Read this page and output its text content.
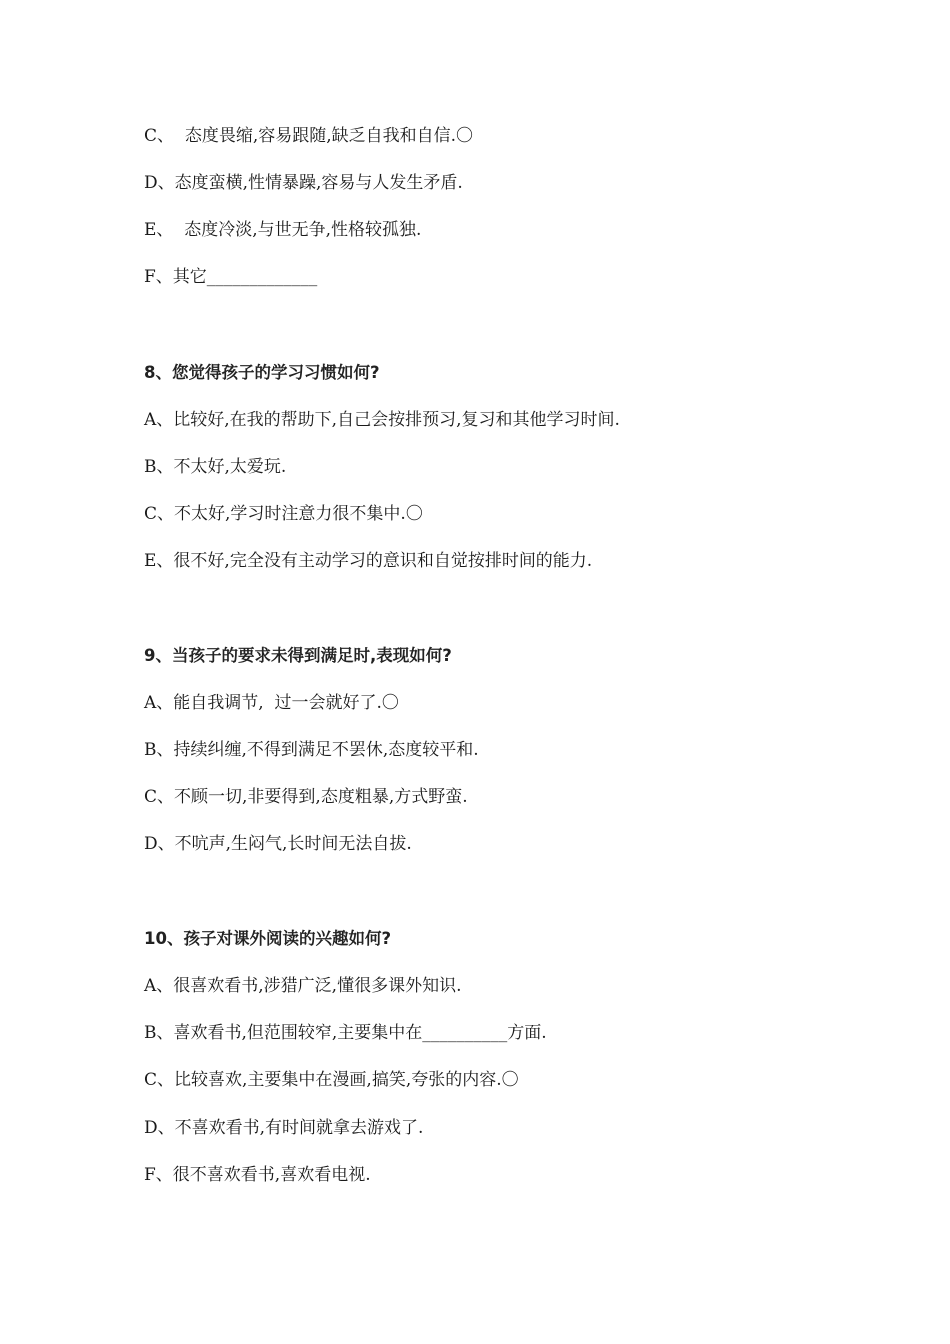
C、  态度畏缩,容易跟随,缺乏自我和自信.〇
D、态度蛮横,性情暴躁,容易与人发生矛盾.
E、  态度冷淡,与世无争,性格较孤独.
F、其它_____________
8、您觉得孩子的学习习惯如何?
A、比较好,在我的帮助下,自己会按排预习,复习和其他学习时间.
B、不太好,太爱玩.
C、不太好,学习时注意力很不集中.〇
E、很不好,完全没有主动学习的意识和自觉按排时间的能力.
9、当孩子的要求未得到满足时,表现如何?
A、能自我调节,  过一会就好了.〇
B、持续纠缠,不得到满足不罢休,态度较平和.
C、不顾一切,非要得到,态度粗暴,方式野蛮.
D、不吭声,生闷气,长时间无法自拔.
10、孩子对课外阅读的兴趣如何?
A、很喜欢看书,涉猎广泛,懂很多课外知识.
B、喜欢看书,但范围较窄,主要集中在__________方面.
C、比较喜欢,主要集中在漫画,搞笑,夸张的内容.〇
D、不喜欢看书,有时间就拿去游戏了.
F、很不喜欢看书,喜欢看电视.
